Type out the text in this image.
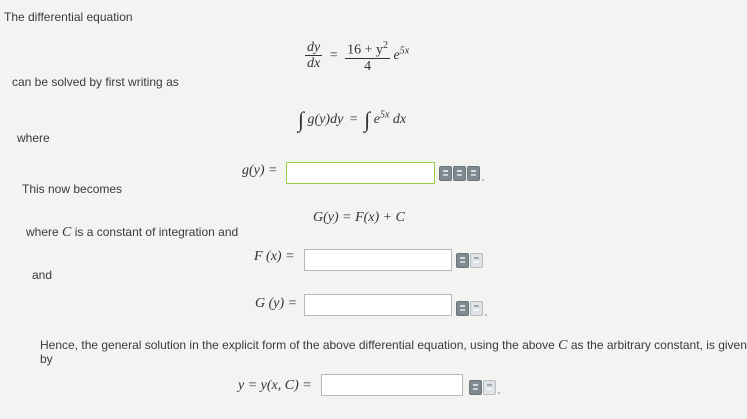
The differential equation
can be solved by first writing as
where
This now becomes
where C is a constant of integration and
and
$\frac{dy}{dx} = \frac{16 + y^2}{4} e^{5x}$
∫ g(y)dy = ∫ $e^{5x}$ dx
g(y) =
G(y) = F(x) + C
F (x) =
G (y) =
Hence, the general solution in the explicit form of the above differential equation, using the above C as the arbitrary constant, is given
by
y = y(x, C) =
